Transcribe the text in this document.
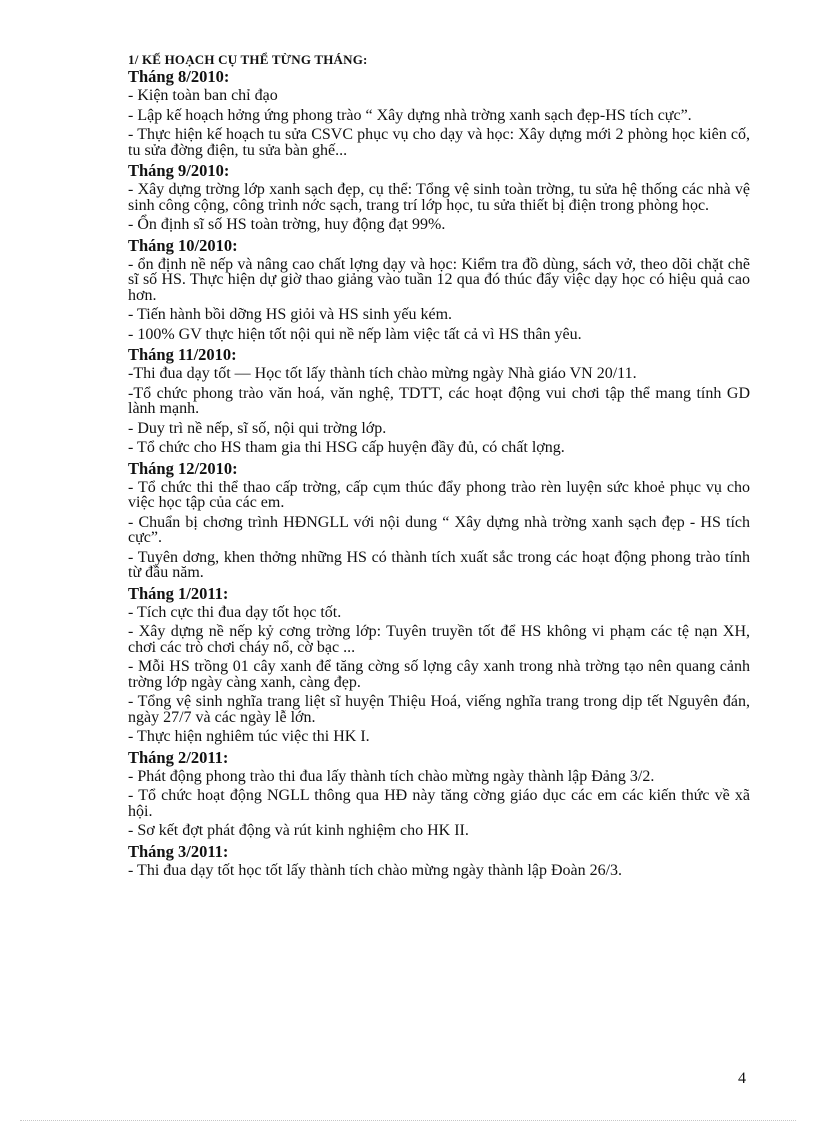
1/ KẾ HOẠCH CỤ THỂ TỪNG THÁNG:
Tháng 8/2010:
- Kiện toàn ban chỉ đạo
- Lập kế hoạch hởng ứng phong trào “ Xây dựng nhà trờng xanh sạch đẹp-HS tích cực”.
- Thực hiện kế hoạch tu sửa CSVC phục vụ cho dạy và học: Xây dựng mới 2 phòng học kiên cố, tu sửa đờng điện, tu sửa bàn ghế...
Tháng 9/2010:
- Xây dựng trờng lớp xanh sạch đẹp, cụ thể: Tổng vệ sinh toàn trờng, tu sửa hệ thống các nhà vệ sinh công cộng, công trình nớc sạch, trang trí lớp học, tu sửa thiết bị điện trong phòng học.
- Ổn định sĩ số HS toàn trờng, huy động đạt 99%.
Tháng 10/2010:
- ổn định nề nếp và nâng cao chất lợng dạy và học: Kiểm tra đồ dùng, sách vở, theo dõi chặt chẽ sĩ số HS. Thực hiện dự giờ thao giảng vào tuần 12 qua đó thúc đẩy việc dạy học có hiệu quả cao hơn.
- Tiến hành bồi dỡng HS giỏi và HS sinh yếu kém.
- 100% GV thực hiện tốt nội qui nề nếp làm việc tất cả vì HS thân yêu.
Tháng 11/2010:
-Thi đua dạy tốt — Học tốt lấy thành tích chào mừng ngày Nhà giáo VN 20/11.
-Tổ chức phong trào văn hoá, văn nghệ, TDTT, các hoạt động vui chơi tập thể mang tính GD lành mạnh.
- Duy trì nề nếp, sĩ số, nội qui trờng lớp.
- Tổ chức cho HS tham gia thi HSG cấp huyện đầy đủ, có chất lợng.
Tháng 12/2010:
- Tổ chức thi thể thao cấp trờng, cấp cụm thúc đẩy phong trào rèn luyện sức khoẻ phục vụ cho việc học tập của các em.
- Chuẩn bị chơng trình HĐNGLL với nội dung “ Xây dựng nhà trờng xanh sạch đẹp - HS tích cực”.
- Tuyên dơng, khen thởng những HS có thành tích xuất sắc trong các hoạt động phong trào tính từ đầu năm.
Tháng 1/2011:
- Tích cực thi đua dạy tốt học tốt.
- Xây dựng nề nếp kỷ cơng trờng lớp: Tuyên truyền tốt để HS không vi phạm các tệ nạn XH, chơi các trò chơi cháy nổ, cờ bạc ...
- Mỗi HS trồng 01 cây xanh để tăng cờng số lợng cây xanh trong nhà trờng tạo nên quang cảnh trờng lớp ngày càng xanh, càng đẹp.
- Tổng vệ sinh nghĩa trang liệt sĩ huyện Thiệu Hoá, viếng nghĩa trang trong dịp tết Nguyên đán, ngày 27/7 và các ngày lễ lớn.
- Thực hiện nghiêm túc việc thi HK I.
Tháng 2/2011:
- Phát động phong trào thi đua lấy thành tích chào mừng ngày thành lập Đảng 3/2.
- Tổ chức hoạt động NGLL thông qua HĐ này tăng cờng giáo dục các em các kiến thức về xã hội.
- Sơ kết đợt phát động và rút kinh nghiệm cho HK II.
Tháng 3/2011:
- Thi đua dạy tốt học tốt lấy thành tích chào mừng ngày thành lập Đoàn 26/3.
4
